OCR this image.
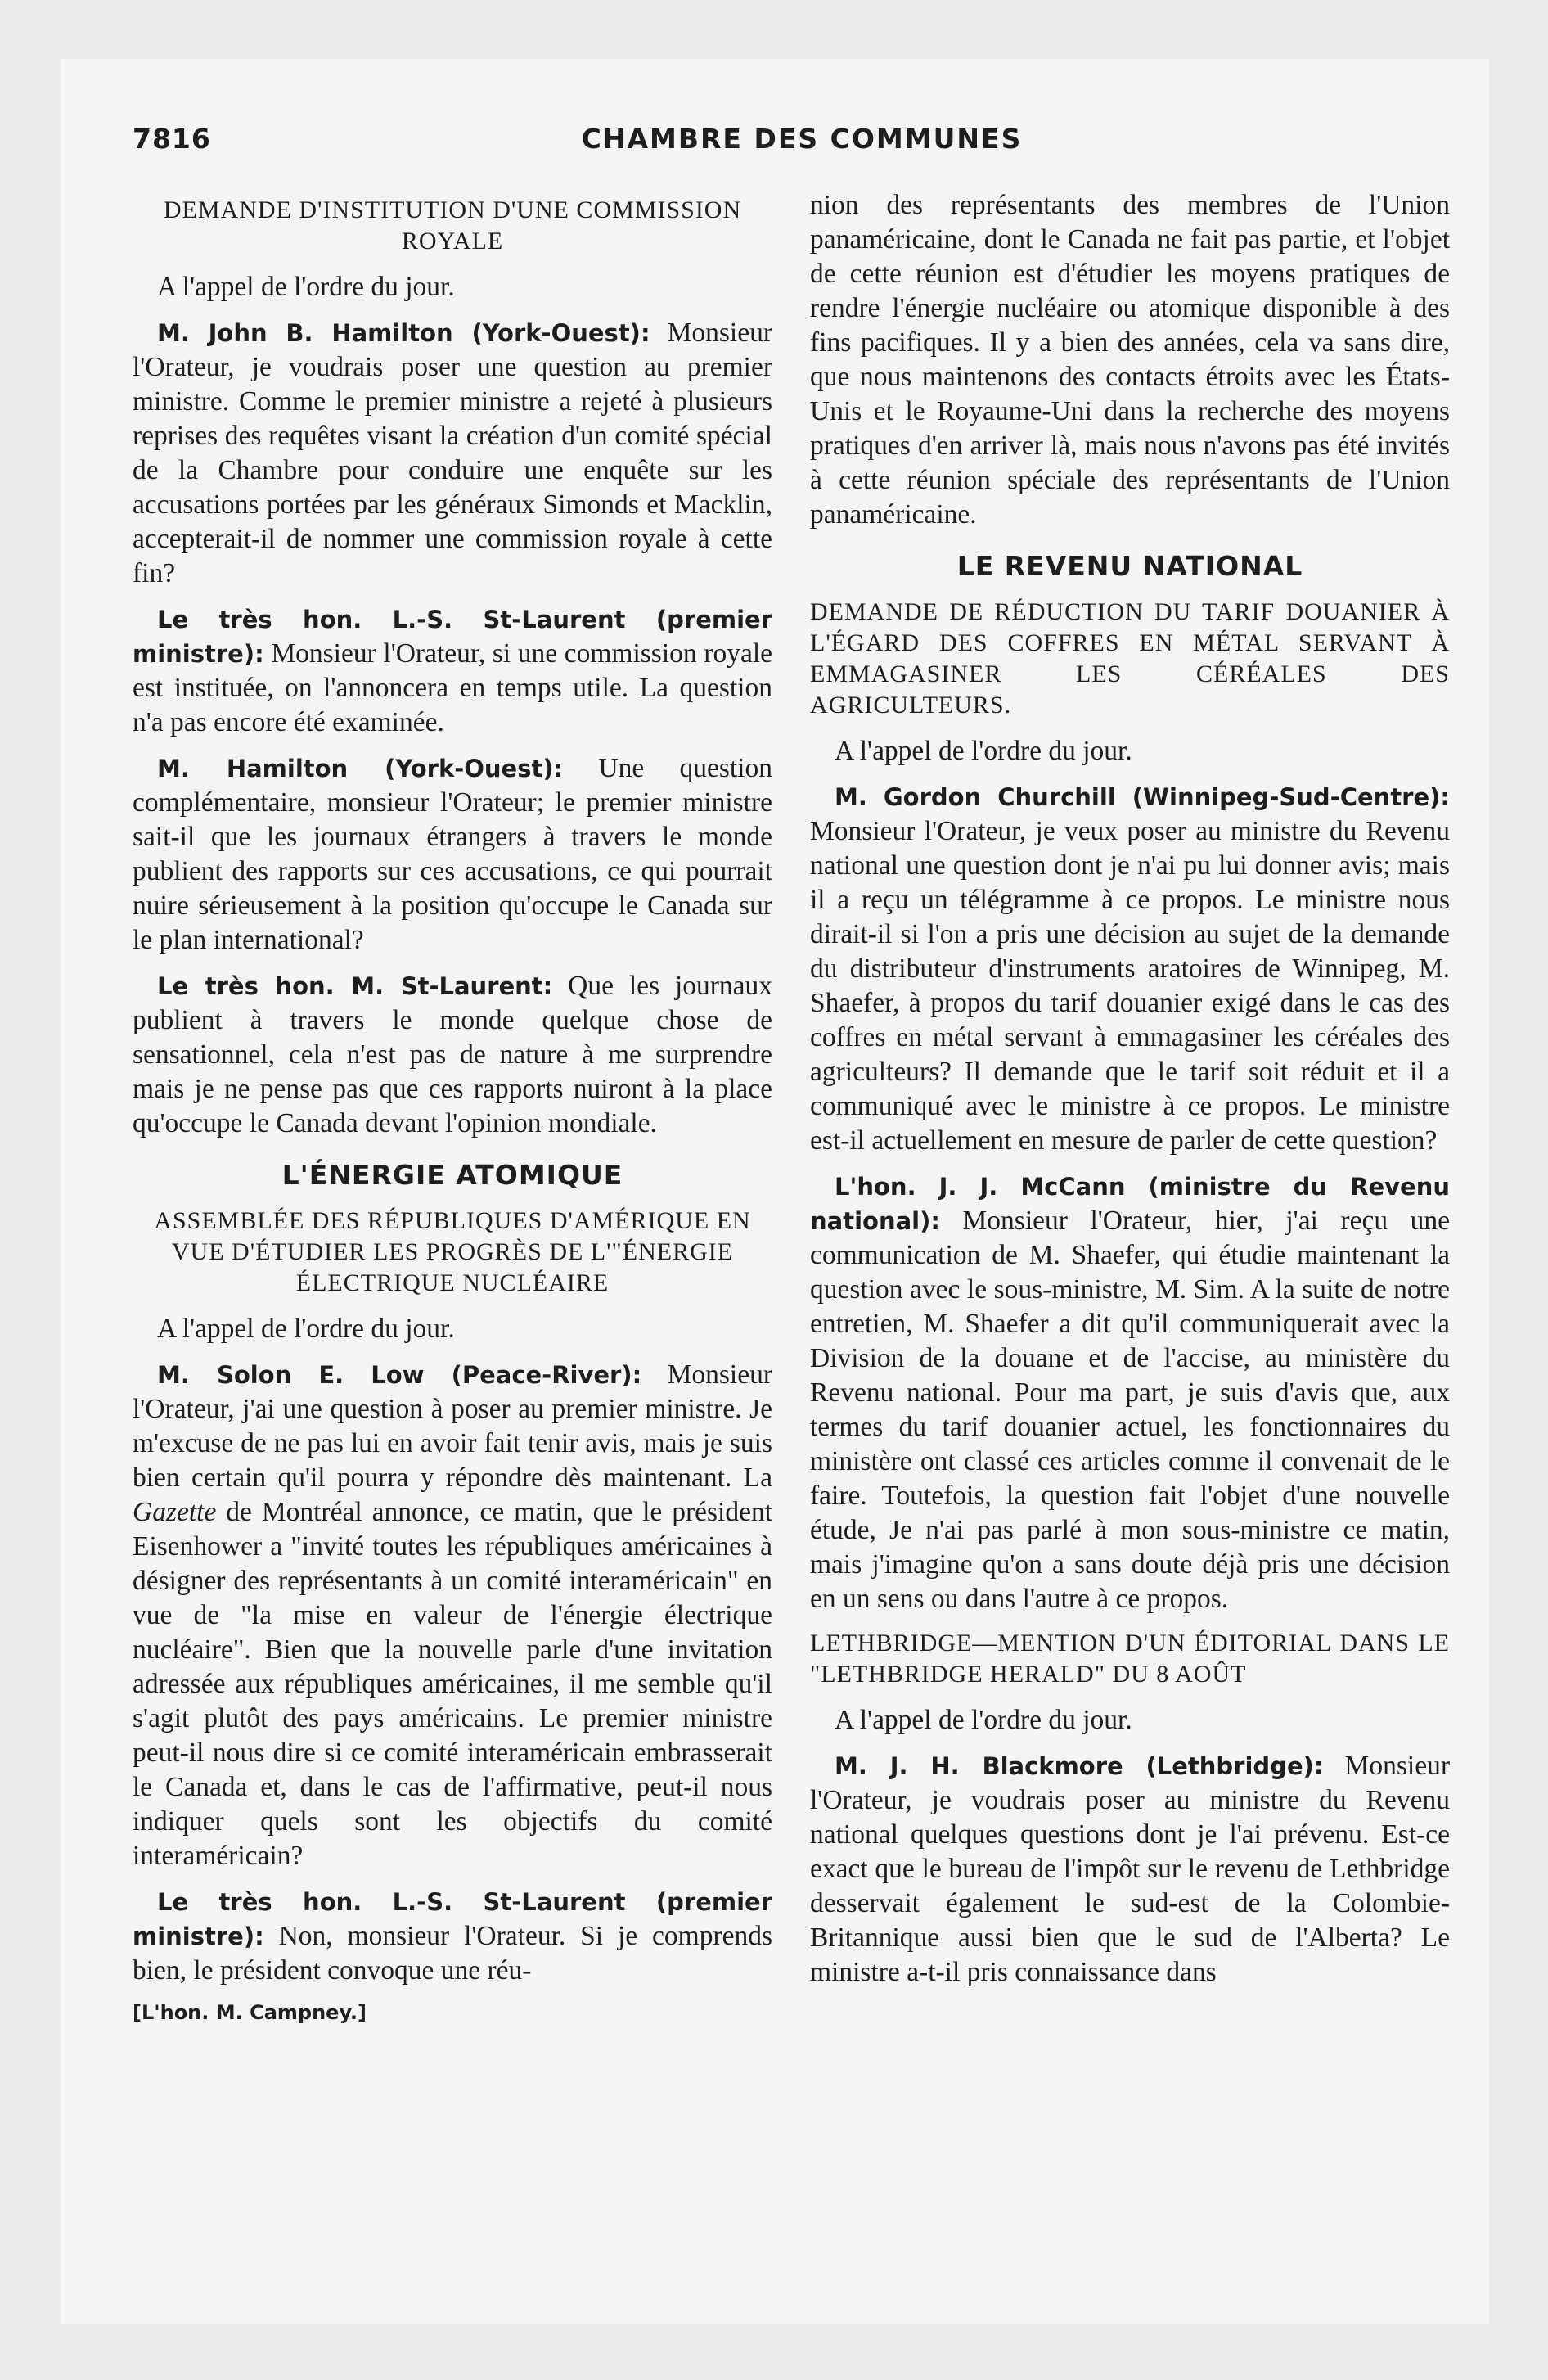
7816	CHAMBRE DES COMMUNES
DEMANDE D'INSTITUTION D'UNE COMMISSION ROYALE

A l'appel de l'ordre du jour.

M. John B. Hamilton (York-Ouest): Monsieur l'Orateur, je voudrais poser une question au premier ministre. Comme le premier ministre a rejeté à plusieurs reprises des requêtes visant la création d'un comité spécial de la Chambre pour conduire une enquête sur les accusations portées par les généraux Simonds et Macklin, accepterait-il de nommer une commission royale à cette fin?

Le très hon. L.-S. St-Laurent (premier ministre): Monsieur l'Orateur, si une commission royale est instituée, on l'annoncera en temps utile. La question n'a pas encore été examinée.

M. Hamilton (York-Ouest): Une question complémentaire, monsieur l'Orateur; le premier ministre sait-il que les journaux étrangers à travers le monde publient des rapports sur ces accusations, ce qui pourrait nuire sérieusement à la position qu'occupe le Canada sur le plan international?

Le très hon. M. St-Laurent: Que les journaux publient à travers le monde quelque chose de sensationnel, cela n'est pas de nature à me surprendre mais je ne pense pas que ces rapports nuiront à la place qu'occupe le Canada devant l'opinion mondiale.

L'ÉNERGIE ATOMIQUE
ASSEMBLÉE DES RÉPUBLIQUES D'AMÉRIQUE EN VUE D'ÉTUDIER LES PROGRÈS DE L'"ÉNERGIE ÉLECTRIQUE NUCLÉAIRE

A l'appel de l'ordre du jour.

M. Solon E. Low (Peace-River): Monsieur l'Orateur, j'ai une question à poser au premier ministre. Je m'excuse de ne pas lui en avoir fait tenir avis, mais je suis bien certain qu'il pourra y répondre dès maintenant. La Gazette de Montréal annonce, ce matin, que le président Eisenhower a "invité toutes les républiques américaines à désigner des représentants à un comité interaméricain" en vue de "la mise en valeur de l'énergie électrique nucléaire". Bien que la nouvelle parle d'une invitation adressée aux républiques américaines, il me semble qu'il s'agit plutôt des pays américains. Le premier ministre peut-il nous dire si ce comité interaméricain embrasserait le Canada et, dans le cas de l'affirmative, peut-il nous indiquer quels sont les objectifs du comité interaméricain?

Le très hon. L.-S. St-Laurent (premier ministre): Non, monsieur l'Orateur. Si je comprends bien, le président convoque une réu-

[L'hon. M. Campney.]

nion des représentants des membres de l'Union panaméricaine, dont le Canada ne fait pas partie, et l'objet de cette réunion est d'étudier les moyens pratiques de rendre l'énergie nucléaire ou atomique disponible à des fins pacifiques. Il y a bien des années, cela va sans dire, que nous maintenons des contacts étroits avec les États-Unis et le Royaume-Uni dans la recherche des moyens pratiques d'en arriver là, mais nous n'avons pas été invités à cette réunion spéciale des représentants de l'Union panaméricaine.

LE REVENU NATIONAL
DEMANDE DE RÉDUCTION DU TARIF DOUANIER À L'ÉGARD DES COFFRES EN MÉTAL SERVANT À EMMAGASINER LES CÉRÉALES DES AGRICULTEURS.

A l'appel de l'ordre du jour.

M. Gordon Churchill (Winnipeg-Sud-Centre): Monsieur l'Orateur, je veux poser au ministre du Revenu national une question dont je n'ai pu lui donner avis; mais il a reçu un télégramme à ce propos. Le ministre nous dirait-il si l'on a pris une décision au sujet de la demande du distributeur d'instruments aratoires de Winnipeg, M. Shaefer, à propos du tarif douanier exigé dans le cas des coffres en métal servant à emmagasiner les céréales des agriculteurs? Il demande que le tarif soit réduit et il a communiqué avec le ministre à ce propos. Le ministre est-il actuellement en mesure de parler de cette question?

L'hon. J. J. McCann (ministre du Revenu national): Monsieur l'Orateur, hier, j'ai reçu une communication de M. Shaefer, qui étudie maintenant la question avec le sous-ministre, M. Sim. A la suite de notre entretien, M. Shaefer a dit qu'il communiquerait avec la Division de la douane et de l'accise, au ministère du Revenu national. Pour ma part, je suis d'avis que, aux termes du tarif douanier actuel, les fonctionnaires du ministère ont classé ces articles comme il convenait de le faire. Toutefois, la question fait l'objet d'une nouvelle étude, Je n'ai pas parlé à mon sous-ministre ce matin, mais j'imagine qu'on a sans doute déjà pris une décision en un sens ou dans l'autre à ce propos.

LETHBRIDGE—MENTION D'UN ÉDITORIAL DANS LE "LETHBRIDGE HERALD" DU 8 AOÛT

A l'appel de l'ordre du jour.

M. J. H. Blackmore (Lethbridge): Monsieur l'Orateur, je voudrais poser au ministre du Revenu national quelques questions dont je l'ai prévenu. Est-ce exact que le bureau de l'impôt sur le revenu de Lethbridge desservait également le sud-est de la Colombie-Britannique aussi bien que le sud de l'Alberta? Le ministre a-t-il pris connaissance dans
